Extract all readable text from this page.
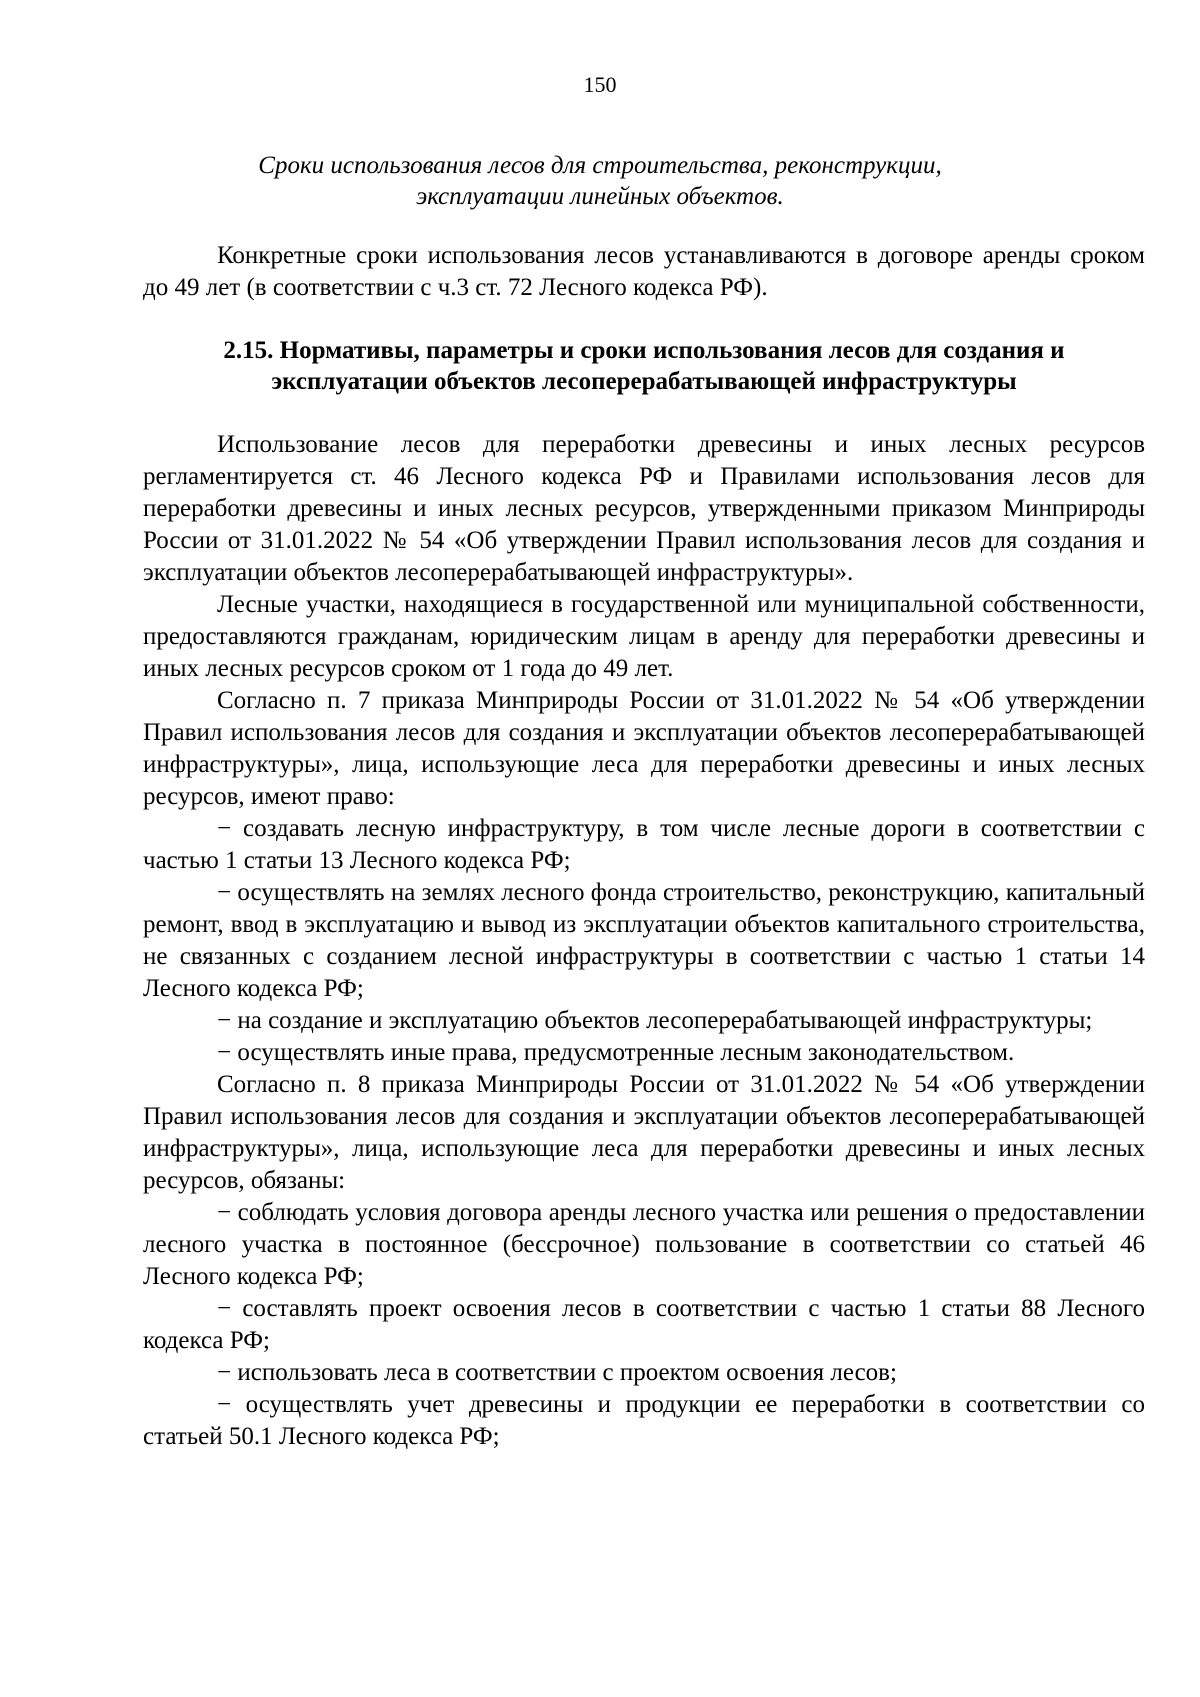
150
Сроки использования лесов для строительства, реконструкции,
эксплуатации линейных объектов.

Конкретные сроки использования лесов устанавливаются в договоре аренды сроком до 49 лет (в соответствии с ч.3 ст. 72 Лесного кодекса РФ).

2.15. Нормативы, параметры и сроки использования лесов для создания и
эксплуатации объектов лесоперерабатывающей инфраструктуры

Использование лесов для переработки древесины и иных лесных ресурсов регламентируется ст. 46 Лесного кодекса РФ и Правилами использования лесов для переработки древесины и иных лесных ресурсов, утвержденными приказом Минприроды России от 31.01.2022 № 54 «Об утверждении Правил использования лесов для создания и эксплуатации объектов лесоперерабатывающей инфраструктуры».

Лесные участки, находящиеся в государственной или муниципальной собственности, предоставляются гражданам, юридическим лицам в аренду для переработки древесины и иных лесных ресурсов сроком от 1 года до 49 лет.

Согласно п. 7 приказа Минприроды России от 31.01.2022 № 54 «Об утверждении Правил использования лесов для создания и эксплуатации объектов лесоперерабатывающей инфраструктуры», лица, использующие леса для переработки древесины и иных лесных ресурсов, имеют право:

− создавать лесную инфраструктуру, в том числе лесные дороги в соответствии с частью 1 статьи 13 Лесного кодекса РФ;

− осуществлять на землях лесного фонда строительство, реконструкцию, капитальный ремонт, ввод в эксплуатацию и вывод из эксплуатации объектов капитального строительства, не связанных с созданием лесной инфраструктуры в соответствии с частью 1 статьи 14 Лесного кодекса РФ;

− на создание и эксплуатацию объектов лесоперерабатывающей инфраструктуры;

− осуществлять иные права, предусмотренные лесным законодательством.

Согласно п. 8 приказа Минприроды России от 31.01.2022 № 54 «Об утверждении Правил использования лесов для создания и эксплуатации объектов лесоперерабатывающей инфраструктуры», лица, использующие леса для переработки древесины и иных лесных ресурсов, обязаны:

− соблюдать условия договора аренды лесного участка или решения о предоставлении лесного участка в постоянное (бессрочное) пользование в соответствии со статьей 46 Лесного кодекса РФ;

− составлять проект освоения лесов в соответствии с частью 1 статьи 88 Лесного кодекса РФ;

− использовать леса в соответствии с проектом освоения лесов;

− осуществлять учет древесины и продукции ее переработки в соответствии со статьей 50.1 Лесного кодекса РФ;
